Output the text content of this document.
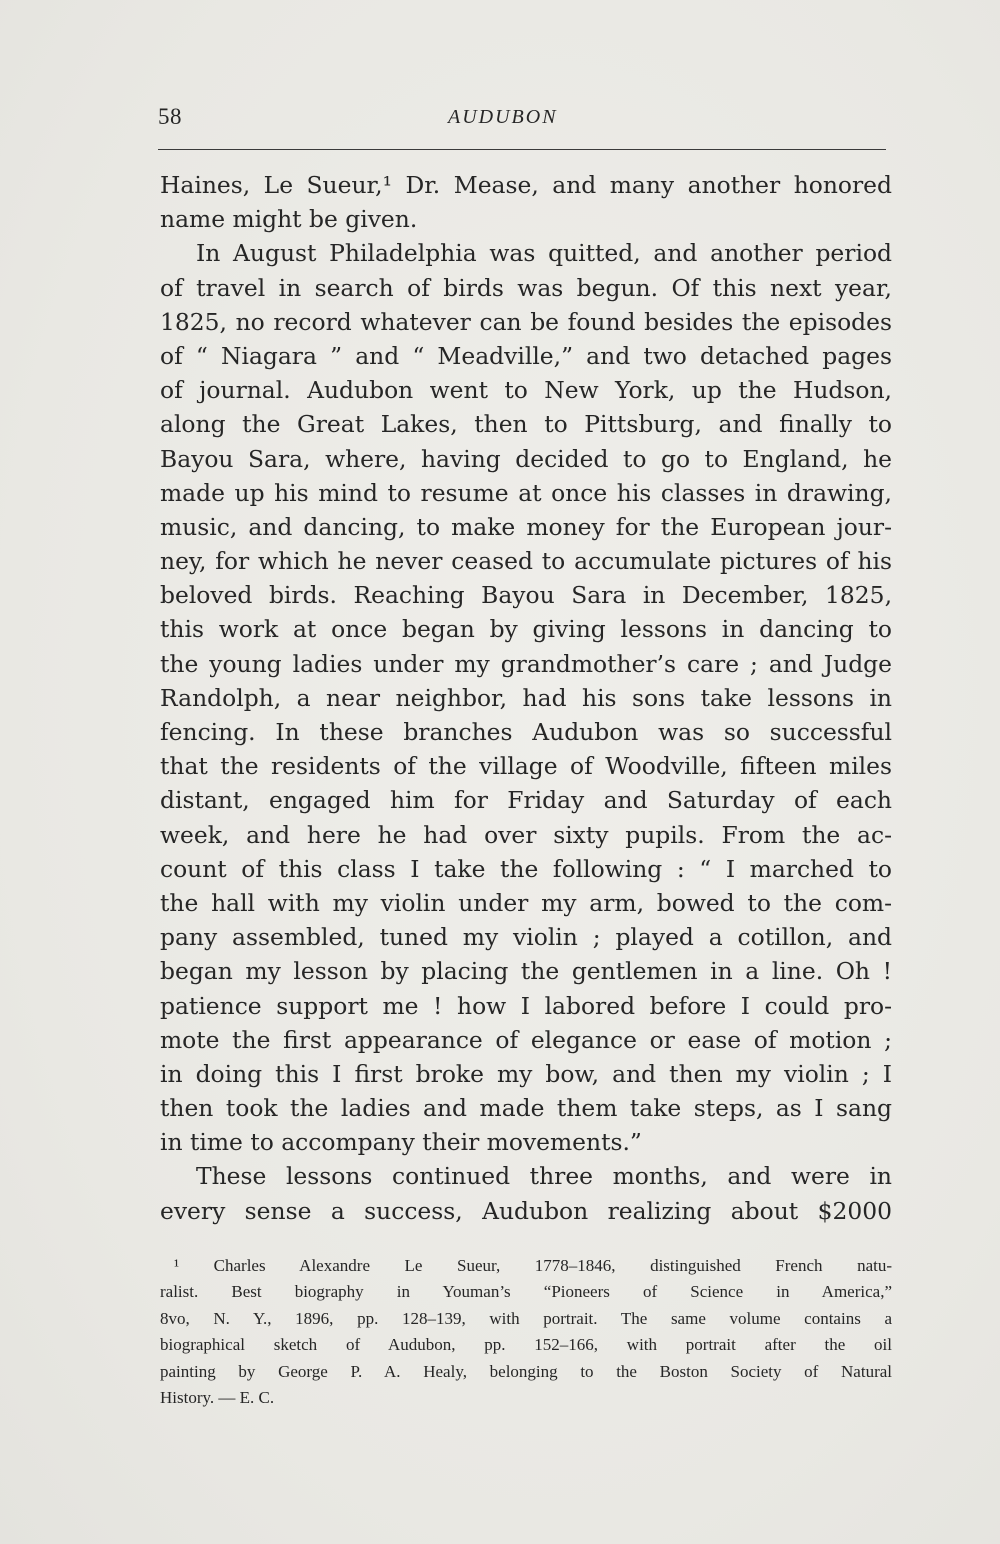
58	AUDUBON
Haines, Le Sueur,¹ Dr. Mease, and many another honored
name might be given.
In August Philadelphia was quitted, and another period
of travel in search of birds was begun. Of this next year,
1825, no record whatever can be found besides the episodes
of “ Niagara ” and “ Meadville,” and two detached pages
of journal. Audubon went to New York, up the Hudson,
along the Great Lakes, then to Pittsburg, and finally to
Bayou Sara, where, having decided to go to England, he
made up his mind to resume at once his classes in drawing,
music, and dancing, to make money for the European jour-
ney, for which he never ceased to accumulate pictures of his
beloved birds. Reaching Bayou Sara in December, 1825,
this work at once began by giving lessons in dancing to
the young ladies under my grandmother’s care ; and Judge
Randolph, a near neighbor, had his sons take lessons in
fencing. In these branches Audubon was so successful
that the residents of the village of Woodville, fifteen miles
distant, engaged him for Friday and Saturday of each
week, and here he had over sixty pupils. From the ac-
count of this class I take the following : “ I marched to
the hall with my violin under my arm, bowed to the com-
pany assembled, tuned my violin ; played a cotillon, and
began my lesson by placing the gentlemen in a line. Oh !
patience support me ! how I labored before I could pro-
mote the first appearance of elegance or ease of motion ;
in doing this I first broke my bow, and then my violin ; I
then took the ladies and made them take steps, as I sang
in time to accompany their movements.”
These lessons continued three months, and were in
every sense a success, Audubon realizing about $2000
¹ Charles Alexandre Le Sueur, 1778–1846, distinguished French natu-
ralist. Best biography in Youman’s “Pioneers of Science in America,”
8vo, N. Y., 1896, pp. 128–139, with portrait. The same volume contains a
biographical sketch of Audubon, pp. 152–166, with portrait after the oil
painting by George P. A. Healy, belonging to the Boston Society of Natural
History. — E. C.
